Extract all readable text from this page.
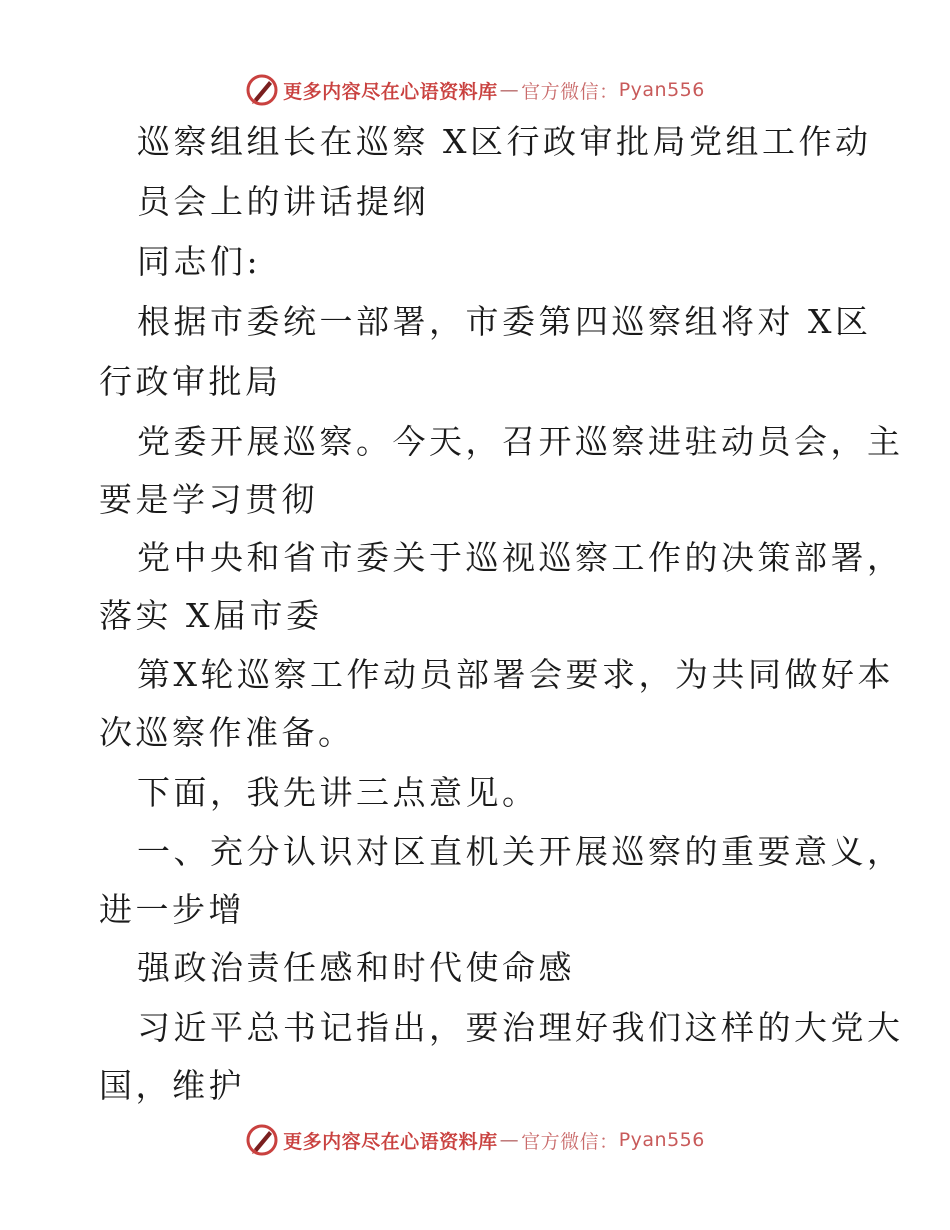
更多内容尽在心语资料库 — 官方微信： Pyan556
巡察组组长在巡察 X区行政审批局党组工作动
员会上的讲话提纲
同志们:
根据市委统一部署，市委第四巡察组将对 X区
行政审批局
党委开展巡察。今天，召开巡察进驻动员会，主
要是学习贯彻
党中央和省市委关于巡视巡察工作的决策部署，
落实 X届市委
第X轮巡察工作动员部署会要求，为共同做好本
次巡察作准备。
下面，我先讲三点意见。
一、充分认识对区直机关开展巡察的重要意义，
进一步增
强政治责任感和时代使命感
习近平总书记指出，要治理好我们这样的大党大
国，维护
更多内容尽在心语资料库 — 官方微信： Pyan556
